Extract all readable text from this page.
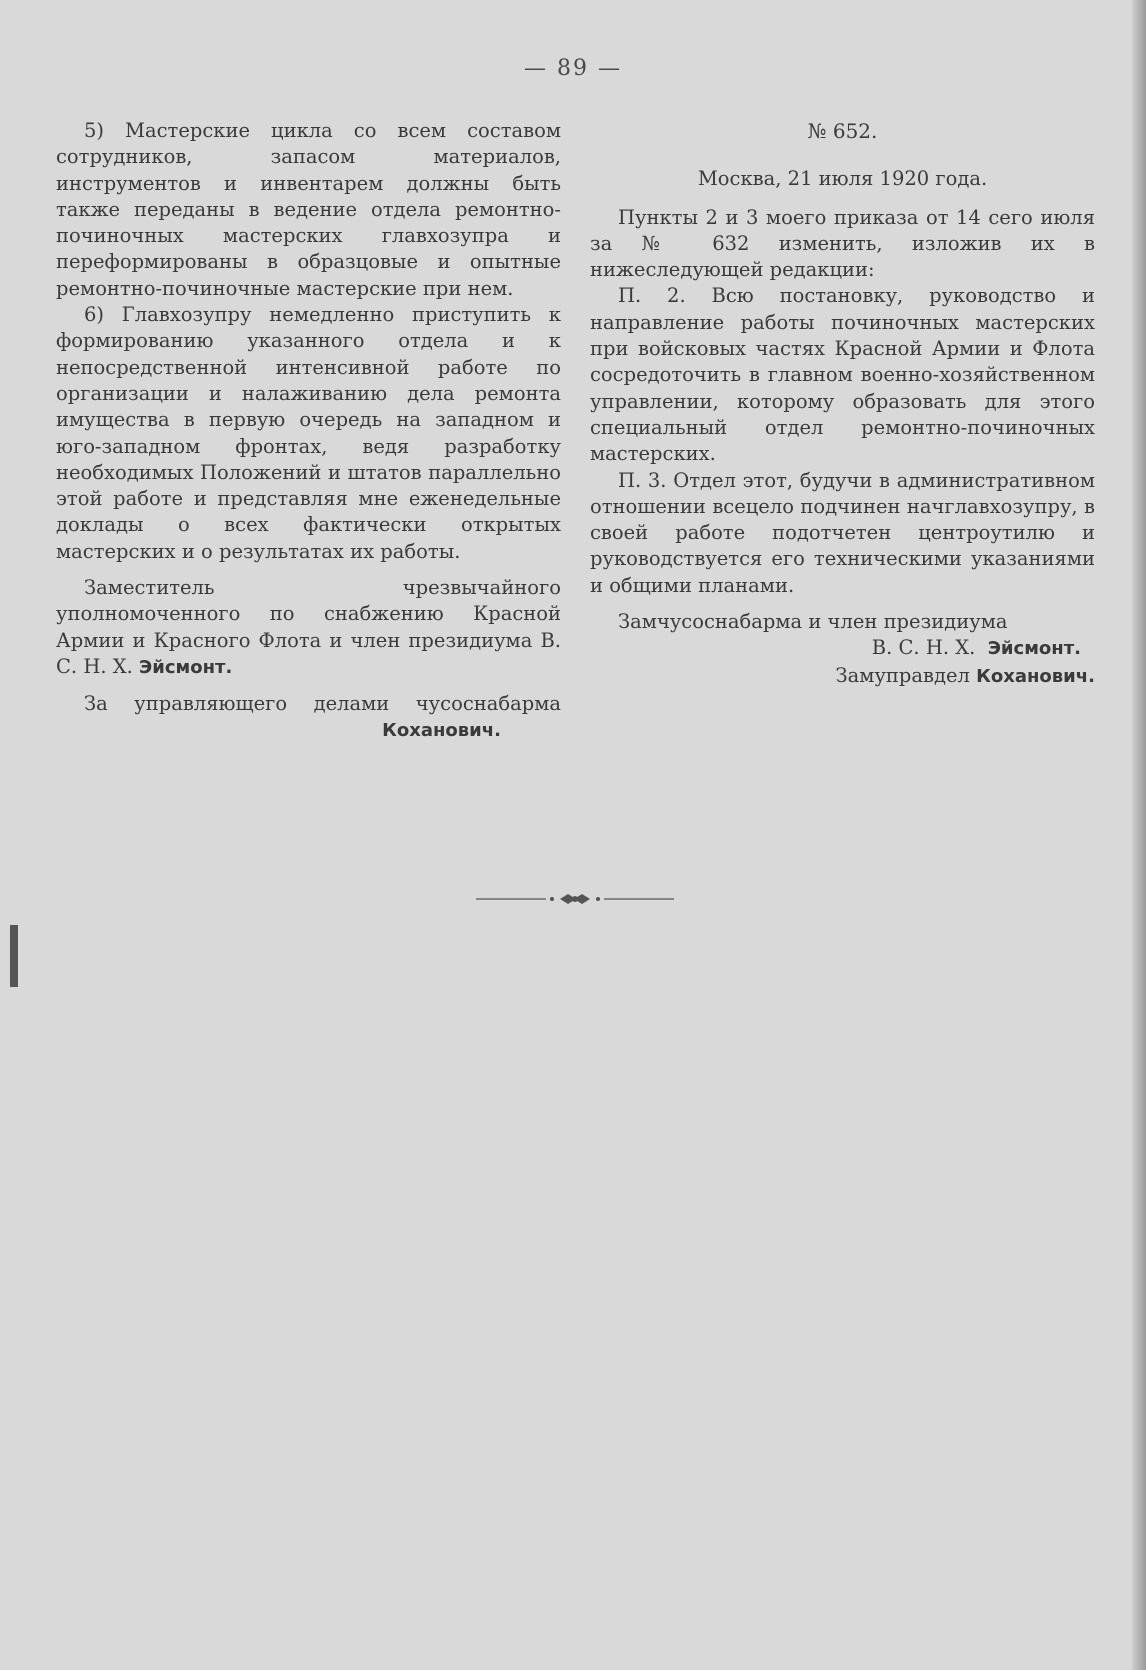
— 89 —

5) Мастерские цикла со всем составом сотрудников, запасом материалов, инструментов и инвентарем должны быть также переданы в ведение отдела ремонтно-починочных мастерских главхозупра и переформированы в образцовые и опытные ремонтно-починочные мастерские при нем.

6) Главхозупру немедленно приступить к формированию указанного отдела и к непосредственной интенсивной работе по организации и налаживанию дела ремонта имущества в первую очередь на западном и юго-западном фронтах, ведя разработку необходимых Положений и штатов параллельно этой работе и представляя мне еженедельные доклады о всех фактически открытых мастерских и о результатах их работы.

Заместитель чрезвычайного уполномоченного по снабжению Красной Армии и Красного Флота и член президиума В. С. Н. Х. Эйсмонт.

За управляющего делами чусоснабарма

Коханович.

№ 652.

Москва, 21 июля 1920 года.

Пункты 2 и 3 моего приказа от 14 сего июля за № 632 изменить, изложив их в нижеследующей редакции:

П. 2. Всю постановку, руководство и направление работы починочных мастерских при войсковых частях Красной Армии и Флота сосредоточить в главном военно-хозяйственном управлении, которому образовать для этого специальный отдел ремонтно-починочных мастерских.

П. 3. Отдел этот, будучи в административном отношении всецело подчинен начглавхозупру, в своей работе подотчетен центроутилю и руководствуется его техническими указаниями и общими планами.

Замчусоснабарма и член президиума

В. С. Н. Х. Эйсмонт.

Замуправдел Коханович.
